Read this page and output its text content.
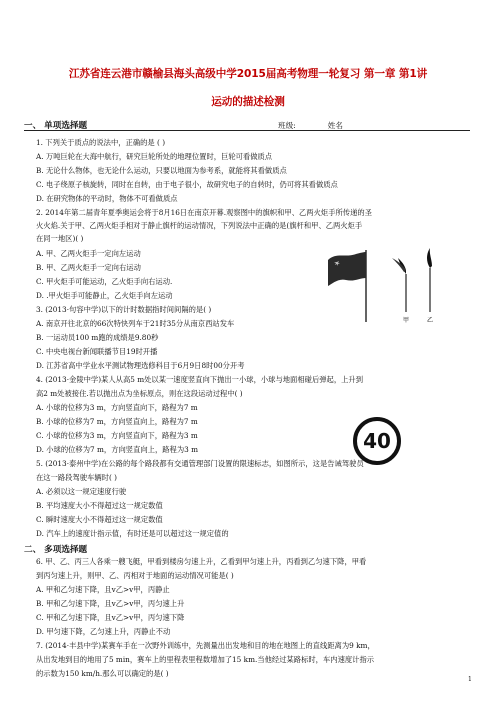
江苏省连云港市赣榆县海头高级中学2015届高考物理一轮复习 第一章 第1讲
运动的描述检测
一、 单项选择题	班级:	姓名
1. 下列关于质点的说法中，正确的是 ( )
A. 万吨巨轮在大海中航行，研究巨轮所处的地理位置时，巨轮可看做质点
B. 无论什么物体，也无论什么运动，只要以地面为参考系，就能将其看做质点
C. 电子绕原子核旋转，同时在自转，由于电子很小，故研究电子的自转时，仍可将其看做质点
D. 在研究物体的平动时，物体不可看做质点
2. 2014年第二届青年夏季奥运会将于8月16日在南京开幕.观察图中的旗帜和甲、乙两火炬手所传递的圣
火火焰.关于甲、乙两火炬手相对于静止旗杆的运动情况，下列说法中正确的是(旗杆和甲、乙两火炬手
在同一地区)( )
A. 甲、乙两火炬手一定向左运动
B. 甲、乙两火炬手一定向右运动
C. 甲火炬手可能运动，乙火炬手向右运动.
D. .甲火炬手可能静止，乙火炬手向左运动
3. (2013·句容中学)以下的计时数据指时间间隔的是( )
A. 南京开往北京的66次特快列车于21时35分从南京西站发车
B. 一运动员100 m跑的成绩是9.80秒
C. 中央电视台新闻联播节目19时开播
D. 江苏省高中学业水平测试物理选修科目于6月9日8时00分开考
4. (2013·金陵中学)某人从高5 m处以某一速度竖直向下抛出一小球，小球与地面相碰后弹起，上升到
高2 m处被接住.若以抛出点为坐标原点，则在这段运动过程中( )
A. 小球的位移为3 m，方向竖直向下，路程为7 m
B. 小球的位移为7 m，方向竖直向上，路程为7 m
C. 小球的位移为3 m，方向竖直向下，路程为3 m
D. 小球的位移为7 m，方向竖直向上，路程为3 m
5. (2013·泰州中学)在公路的每个路段都有交通管理部门设置的限速标志，如图所示，这是告诫驾驶员
在这一路段驾驶车辆时( )
A. 必须以这一规定速度行驶
B. 平均速度大小不得超过这一规定数值
C. 瞬时速度大小不得超过这一规定数值
D. 汽车上的速度计指示值，有时还是可以超过这一规定值的
二、 多项选择题
6. 甲、乙、丙三人各乘一艘飞艇，甲看到楼房匀速上升，乙看到甲匀速上升，丙看到乙匀速下降，甲看
到丙匀速上升，则甲、乙、丙相对于地面的运动情况可能是( )
A. 甲和乙匀速下降，且v乙>v甲，丙静止
B. 甲和乙匀速下降，且v乙>v甲，丙匀速上升
C. 甲和乙匀速下降，且v乙>v甲，丙匀速下降
D. 甲匀速下降，乙匀速上升，丙静止不动
7. (2014·丰县中学)某赛车手在一次野外训练中，先测量出出发地和目的地在地图上的直线距离为9 km，
从出发地到目的地用了5 min，赛车上的里程表里程数增加了15 km.当他经过某路标时，车内速度计指示
的示数为150 km/h.那么可以确定的是( )
甲	乙
40
1
